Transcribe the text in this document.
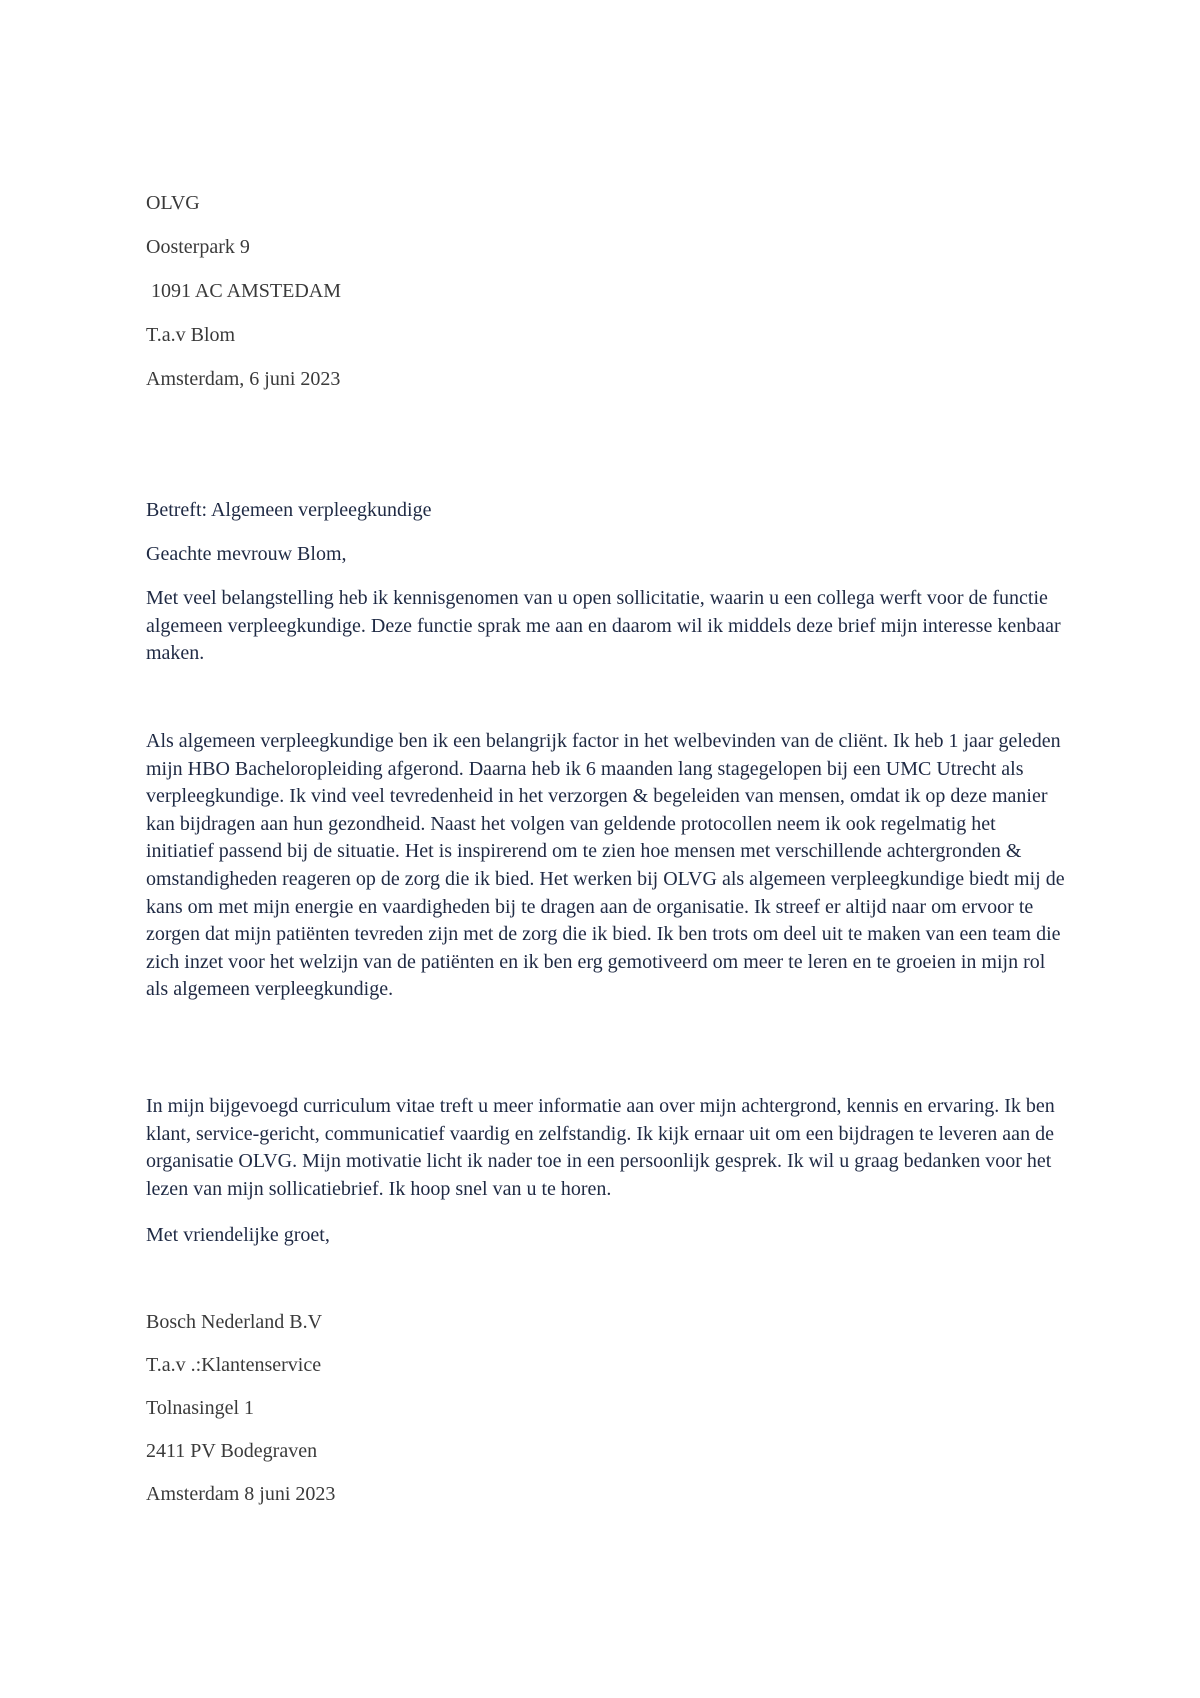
OLVG
Oosterpark 9
1091 AC AMSTEDAM
T.a.v Blom
Amsterdam, 6 juni 2023
Betreft: Algemeen verpleegkundige
Geachte mevrouw Blom,
Met veel belangstelling heb ik kennisgenomen van u open sollicitatie, waarin u een collega werft voor de functie algemeen verpleegkundige. Deze functie sprak me aan en daarom wil ik middels deze brief mijn interesse kenbaar maken.
Als algemeen verpleegkundige ben ik een belangrijk factor in het welbevinden van de cliënt. Ik heb 1 jaar geleden mijn HBO Bacheloropleiding afgerond. Daarna heb ik 6 maanden lang stagegelopen bij een UMC Utrecht als verpleegkundige. Ik vind veel tevredenheid in het verzorgen & begeleiden van mensen, omdat ik op deze manier kan bijdragen aan hun gezondheid. Naast het volgen van geldende protocollen neem ik ook regelmatig het initiatief passend bij de situatie. Het is inspirerend om te zien hoe mensen met verschillende achtergronden & omstandigheden reageren op de zorg die ik bied. Het werken bij OLVG als algemeen verpleegkundige biedt mij de kans om met mijn energie en vaardigheden bij te dragen aan de organisatie. Ik streef er altijd naar om ervoor te zorgen dat mijn patiënten tevreden zijn met de zorg die ik bied. Ik ben trots om deel uit te maken van een team die zich inzet voor het welzijn van de patiënten en ik ben erg gemotiveerd om meer te leren en te groeien in mijn rol als algemeen verpleegkundige.
In mijn bijgevoegd curriculum vitae treft u meer informatie aan over mijn achtergrond, kennis en ervaring. Ik ben klant, service-gericht, communicatief vaardig en zelfstandig. Ik kijk ernaar uit om een bijdragen te leveren aan de organisatie OLVG. Mijn motivatie licht ik nader toe in een persoonlijk gesprek. Ik wil u graag bedanken voor het lezen van mijn sollicatiebrief. Ik hoop snel van u te horen.
Met vriendelijke groet,
Bosch Nederland B.V
T.a.v .:Klantenservice
Tolnasingel 1
2411 PV Bodegraven
Amsterdam 8 juni 2023
